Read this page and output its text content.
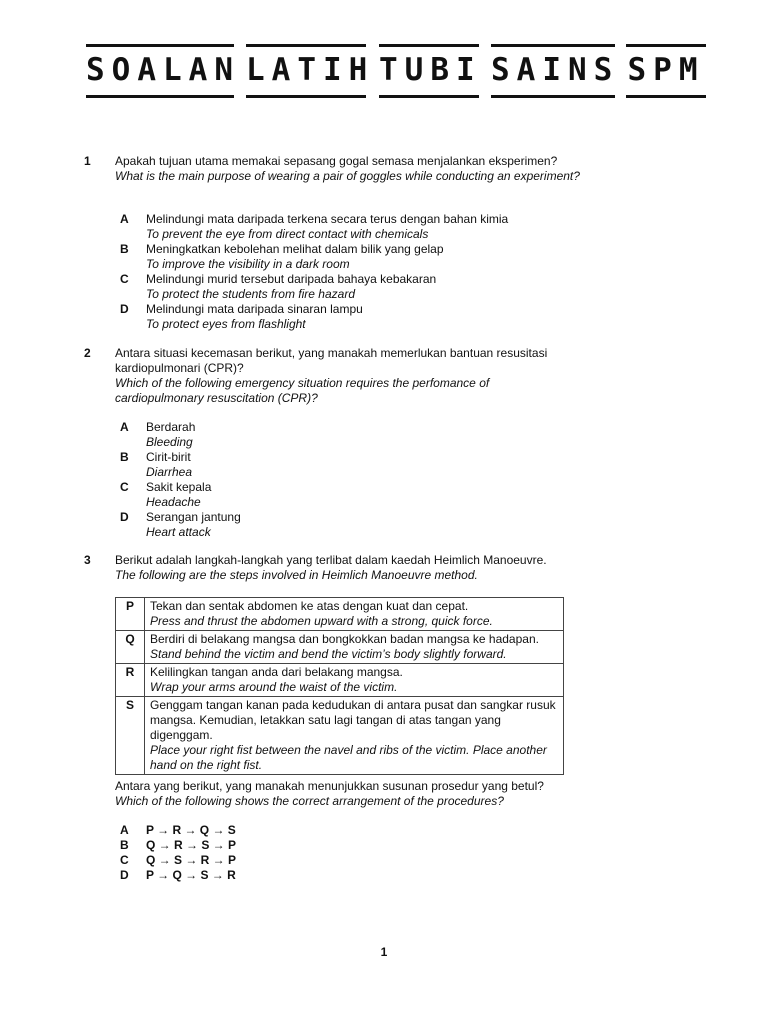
SOALAN LATIH TUBI SAINS SPM
1 Apakah tujuan utama memakai sepasang gogal semasa menjalankan eksperimen?
What is the main purpose of wearing a pair of goggles while conducting an experiment?
A Melindungi mata daripada terkena secara terus dengan bahan kimia
To prevent the eye from direct contact with chemicals
B Meningkatkan kebolehan melihat dalam bilik yang gelap
To improve the visibility in a dark room
C Melindungi murid tersebut daripada bahaya kebakaran
To protect the students from fire hazard
D Melindungi mata daripada sinaran lampu
To protect eyes from flashlight
2 Antara situasi kecemasan berikut, yang manakah memerlukan bantuan resusitasi kardiopulmonari (CPR)?
Which of the following emergency situation requires the perfomance of cardiopulmonary resuscitation (CPR)?
A Berdarah
Bleeding
B Cirit-birit
Diarrhea
C Sakit kepala
Headache
D Serangan jantung
Heart attack
3 Berikut adalah langkah-langkah yang terlibat dalam kaedah Heimlich Manoeuvre.
The following are the steps involved in Heimlich Manoeuvre method.
P	Tekan dan sentak abdomen ke atas dengan kuat dan cepat.
Press and thrust the abdomen upward with a strong, quick force.

Q	Berdiri di belakang mangsa dan bongkokkan badan mangsa ke hadapan.
Stand behind the victim and bend the victim’s body slightly forward.

R	Kelilingkan tangan anda dari belakang mangsa.
Wrap your arms around the waist of the victim.

S	Genggam tangan kanan pada kedudukan di antara pusat dan sangkar rusuk mangsa. Kemudian, letakkan satu lagi tangan di atas tangan yang digenggam.
Place your right fist between the navel and ribs of the victim. Place another hand on the right fist.
Antara yang berikut, yang manakah menunjukkan susunan prosedur yang betul?
Which of the following shows the correct arrangement of the procedures?
A P → R → Q → S
B Q → R → S → P
C Q → S → R → P
D P → Q → S → R
1
